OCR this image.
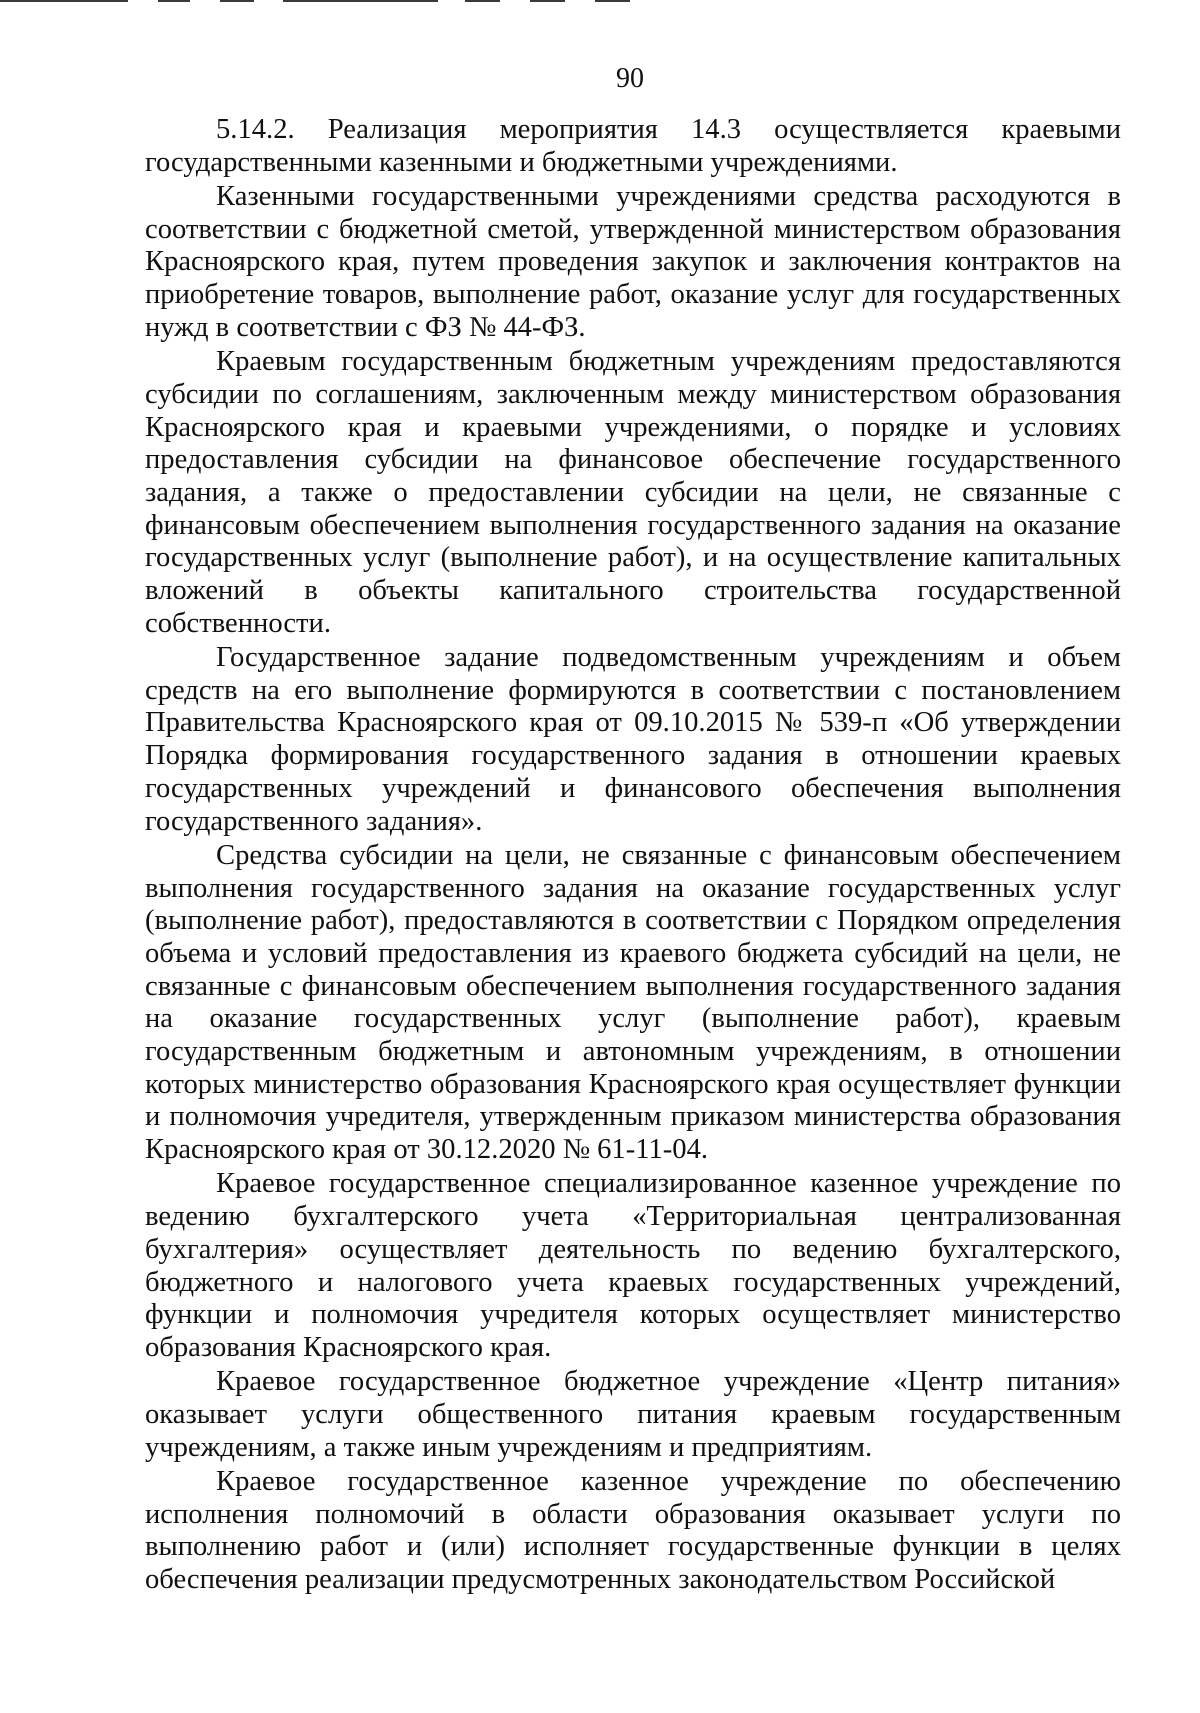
90

5.14.2. Реализация мероприятия 14.3 осуществляется краевыми государственными казенными и бюджетными учреждениями.

Казенными государственными учреждениями средства расходуются в соответствии с бюджетной сметой, утвержденной министерством образования Красноярского края, путем проведения закупок и заключения контрактов на приобретение товаров, выполнение работ, оказание услуг для государственных нужд в соответствии с ФЗ № 44-ФЗ.

Краевым государственным бюджетным учреждениям предоставляются субсидии по соглашениям, заключенным между министерством образования Красноярского края и краевыми учреждениями, о порядке и условиях предоставления субсидии на финансовое обеспечение государственного задания, а также о предоставлении субсидии на цели, не связанные с финансовым обеспечением выполнения государственного задания на оказание государственных услуг (выполнение работ), и на осуществление капитальных вложений в объекты капитального строительства государственной собственности.

Государственное задание подведомственным учреждениям и объем средств на его выполнение формируются в соответствии с постановлением Правительства Красноярского края от 09.10.2015 № 539-п «Об утверждении Порядка формирования государственного задания в отношении краевых государственных учреждений и финансового обеспечения выполнения государственного задания».

Средства субсидии на цели, не связанные с финансовым обеспечением выполнения государственного задания на оказание государственных услуг (выполнение работ), предоставляются в соответствии с Порядком определения объема и условий предоставления из краевого бюджета субсидий на цели, не связанные с финансовым обеспечением выполнения государственного задания на оказание государственных услуг (выполнение работ), краевым государственным бюджетным и автономным учреждениям, в отношении которых министерство образования Красноярского края осуществляет функции и полномочия учредителя, утвержденным приказом министерства образования Красноярского края от 30.12.2020 № 61-11-04.

Краевое государственное специализированное казенное учреждение по ведению бухгалтерского учета «Территориальная централизованная бухгалтерия» осуществляет деятельность по ведению бухгалтерского, бюджетного и налогового учета краевых государственных учреждений, функции и полномочия учредителя которых осуществляет министерство образования Красноярского края.

Краевое государственное бюджетное учреждение «Центр питания» оказывает услуги общественного питания краевым государственным учреждениям, а также иным учреждениям и предприятиям.

Краевое государственное казенное учреждение по обеспечению исполнения полномочий в области образования оказывает услуги по выполнению работ и (или) исполняет государственные функции в целях обеспечения реализации предусмотренных законодательством Российской
